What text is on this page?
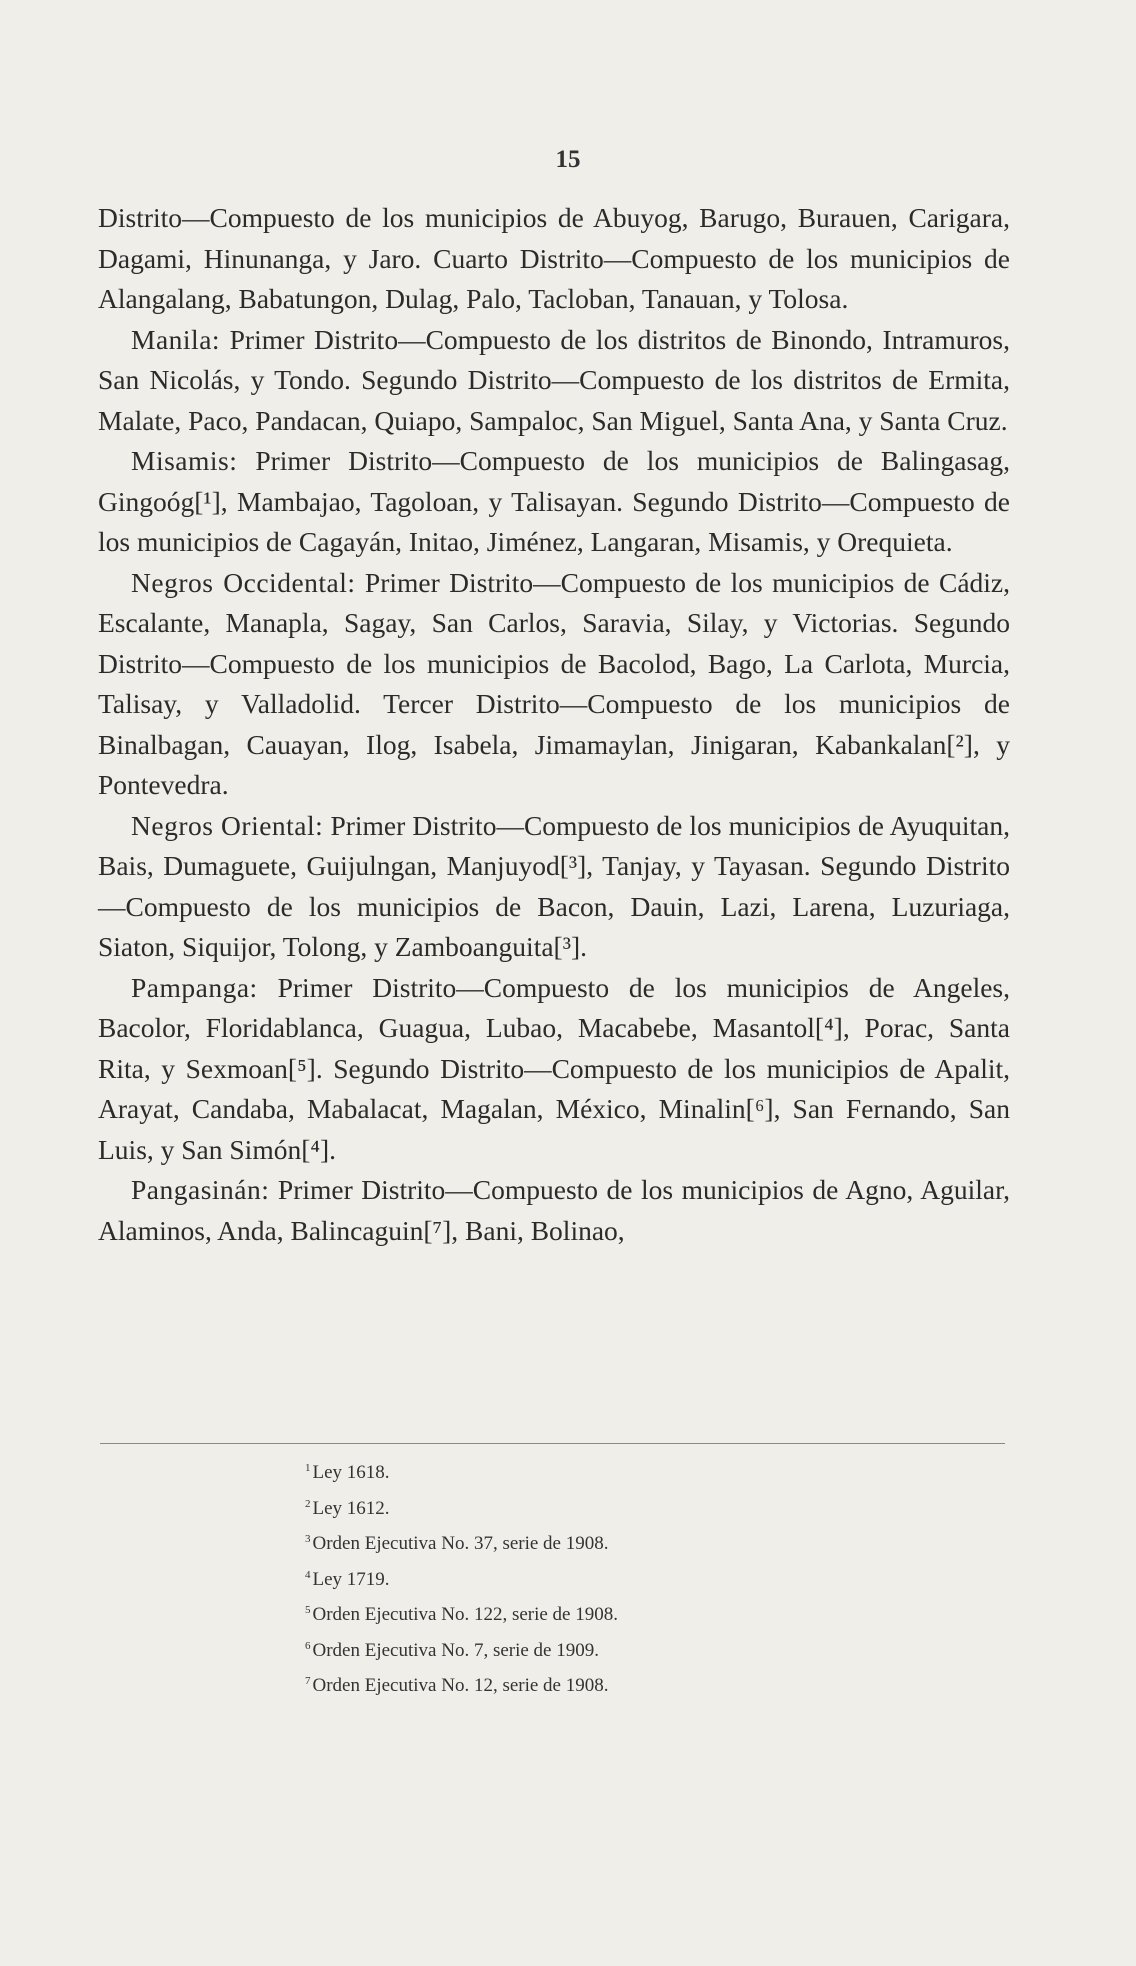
15

Distrito—Compuesto de los municipios de Abuyog, Barugo, Burauen, Carigara, Dagami, Hinunanga, y Jaro. Cuarto Distrito—Compuesto de los municipios de Alangalang, Babatungon, Dulag, Palo, Tacloban, Tanauan, y Tolosa.

Manila: Primer Distrito—Compuesto de los distritos de Binondo, Intramuros, San Nicolás, y Tondo. Segundo Distrito—Compuesto de los distritos de Ermita, Malate, Paco, Pandacan, Quiapo, Sampaloc, San Miguel, Santa Ana, y Santa Cruz.

Misamis: Primer Distrito—Compuesto de los municipios de Balingasag, Gingoóg[¹], Mambajao, Tagoloan, y Talisayan. Segundo Distrito—Compuesto de los municipios de Cagayán, Initao, Jiménez, Langaran, Misamis, y Orequieta.

Negros Occidental: Primer Distrito—Compuesto de los municipios de Cádiz, Escalante, Manapla, Sagay, San Carlos, Saravia, Silay, y Victorias. Segundo Distrito—Compuesto de los municipios de Bacolod, Bago, La Carlota, Murcia, Talisay, y Valladolid. Tercer Distrito—Compuesto de los municipios de Binalbagan, Cauayan, Ilog, Isabela, Jimamaylan, Jinigaran, Kabankalan[²], y Pontevedra.

Negros Oriental: Primer Distrito—Compuesto de los municipios de Ayuquitan, Bais, Dumaguete, Guijulngan, Manjuyod[³], Tanjay, y Tayasan. Segundo Distrito—Compuesto de los municipios de Bacon, Dauin, Lazi, Larena, Luzuriaga, Siaton, Siquijor, Tolong, y Zamboanguita[³].

Pampanga: Primer Distrito—Compuesto de los municipios de Angeles, Bacolor, Floridablanca, Guagua, Lubao, Macabebe, Masantol[⁴], Porac, Santa Rita, y Sexmoan[⁵]. Segundo Distrito—Compuesto de los municipios de Apalit, Arayat, Candaba, Mabalacat, Magalan, México, Minalin[⁶], San Fernando, San Luis, y San Simón[⁴].

Pangasinán: Primer Distrito—Compuesto de los municipios de Agno, Aguilar, Alaminos, Anda, Balincaguin[⁷], Bani, Bolinao,

$^1$ Ley 1618.
$^2$ Ley 1612.
$^3$ Orden Ejecutiva No. 37, serie de 1908.
$^4$ Ley 1719.
$^5$ Orden Ejecutiva No. 122, serie de 1908.
$^6$ Orden Ejecutiva No. 7, serie de 1909.
$^7$ Orden Ejecutiva No. 12, serie de 1908.
